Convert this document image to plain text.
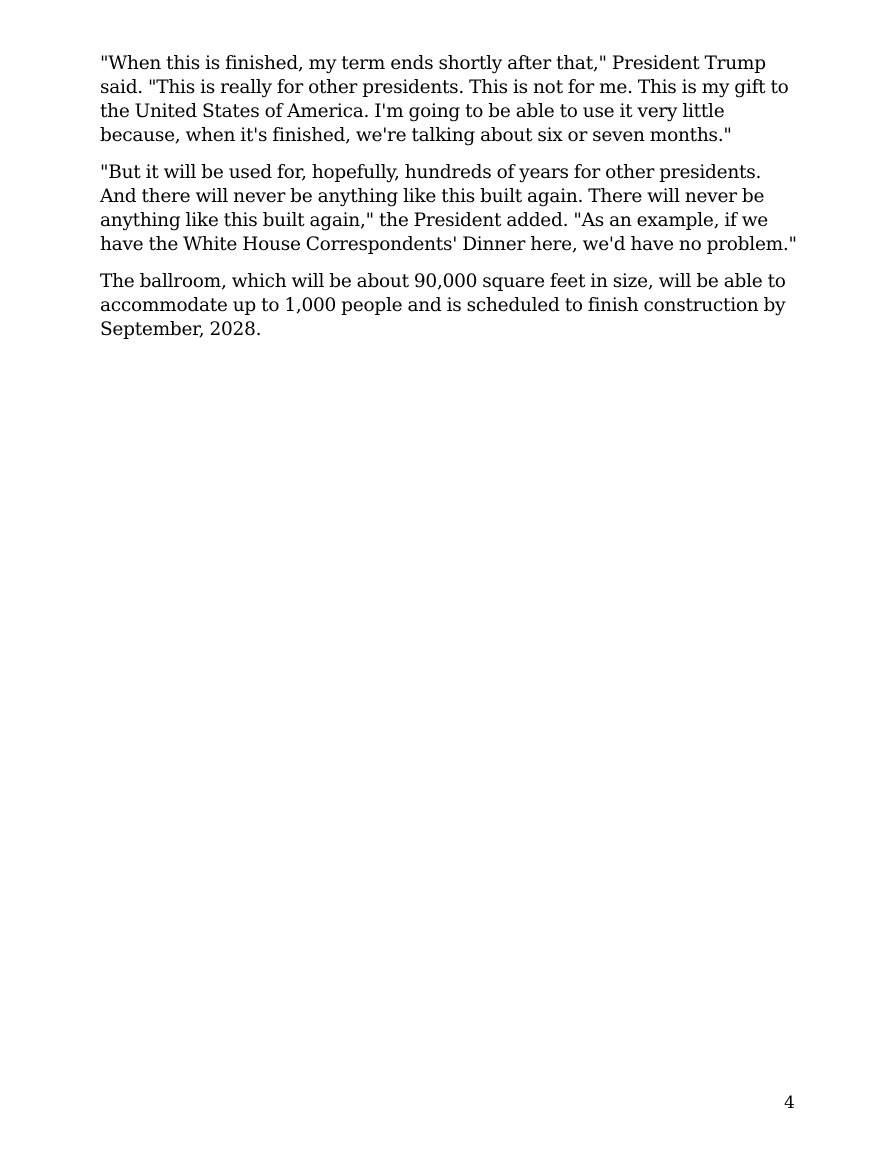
"When this is finished, my term ends shortly after that," President Trump said. "This is really for other presidents. This is not for me. This is my gift to the United States of America. I'm going to be able to use it very little because, when it's finished, we're talking about six or seven months."

"But it will be used for, hopefully, hundreds of years for other presidents. And there will never be anything like this built again. There will never be anything like this built again," the President added. "As an example, if we have the White House Correspondents' Dinner here, we'd have no problem."

The ballroom, which will be about 90,000 square feet in size, will be able to accommodate up to 1,000 people and is scheduled to finish construction by September, 2028.

4
